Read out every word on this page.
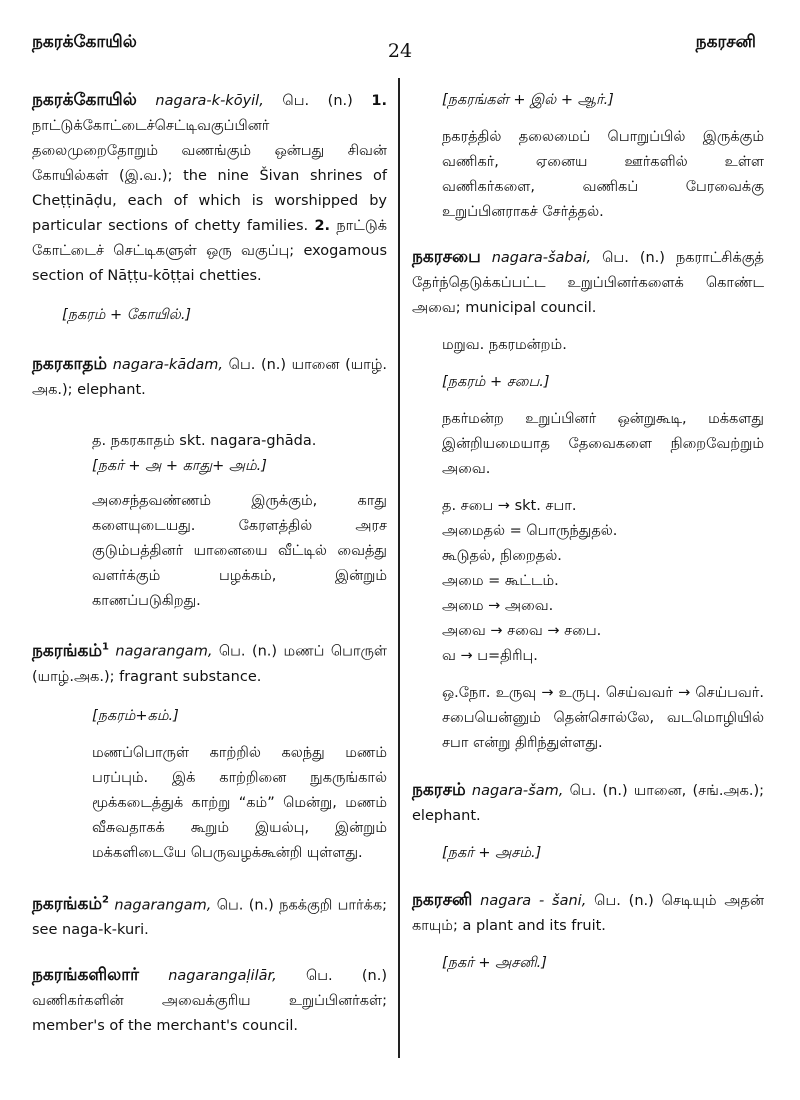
நகரக்கோயில்	24	நகரசனி
நகரக்கோயில் nagara-k-kōyil, பெ. (n.) 1. நாட்டுக்கோட்டைச்செட்டிவகுப்பினர் தலைமுறைதோறும் வணங்கும் ஒன்பது சிவன் கோயில்கள் (இ.வ.); the nine Šivan shrines of Cheṭṭināḍu, each of which is worshipped by particular sections of chetty families. 2. நாட்டுக் கோட்டைச் செட்டிகளுள் ஒரு வகுப்பு; exogamous section of Nāṭṭu-kōṭṭai chetties.
[நகரம் + கோயில்.]
நகரகாதம் nagara-kādam, பெ. (n.) யானை (யாழ். அக.); elephant.
த. நகரகாதம் skt. nagara-ghāda.
[நகர் + அ + காது+ அம்.]
அசைந்தவண்ணம் இருக்கும், காது களையுடையது. கேரளத்தில் அரச குடும்பத்தினர் யானையை வீட்டில் வைத்து வளர்க்கும் பழக்கம், இன்றும் காணப்படுகிறது.
நகரங்கம்$^1$ nagarangam, பெ. (n.) மணப் பொருள் (யாழ்.அக.); fragrant substance.
[நகரம்+கம்.]
மணப்பொருள் காற்றில் கலந்து மணம் பரப்பும். இக் காற்றினை நுகருங்கால் மூக்கடைத்துக் காற்று “கம்” மென்று, மணம் வீசுவதாகக் கூறும் இயல்பு, இன்றும் மக்களிடையே பெருவழக்கூன்றி யுள்ளது.
நகரங்கம்$^2$ nagarangam, பெ. (n.) நகக்குறி பார்க்க; see naga-k-kuri.
நகரங்களிலார் nagarangaḷilār, பெ. (n.) வணிகர்களின் அவைக்குரிய உறுப்பினர்கள்; member's of the merchant's council.
[நகரங்கள் + இல் + ஆர்.]
நகரத்தில் தலைமைப் பொறுப்பில் இருக்கும் வணிகர், ஏனைய ஊர்களில் உள்ள வணிகர்களை, வணிகப் பேரவைக்கு உறுப்பினராகச் சேர்த்தல்.
நகரசபை nagara-šabai, பெ. (n.) நகராட்சிக்குத் தேர்ந்தெடுக்கப்பட்ட உறுப்பினர்களைக் கொண்ட அவை; municipal council.
மறுவ. நகரமன்றம்.
[நகரம் + சபை.]
நகர்மன்ற உறுப்பினர் ஒன்றுகூடி, மக்களது இன்றியமையாத தேவைகளை நிறைவேற்றும் அவை.
த. சபை → skt. சபா.
அமைதல் = பொருந்துதல்.
கூடுதல், நிறைதல்.
அமை = கூட்டம்.
அமை → அவை.
அவை → சவை → சபை.
வ → ப=திரிபு.
ஒ.நோ. உருவு → உருபு. செய்வவர் → செய்பவர். சபையென்னும் தென்சொல்லே, வடமொழியில் சபா என்று திரிந்துள்ளது.
நகரசம் nagara-šam, பெ. (n.) யானை, (சங்.அக.); elephant.
[நகர் + அசம்.]
நகரசனி nagara - šani, பெ. (n.) செடியும் அதன் காயும்; a plant and its fruit.
[நகர் + அசனி.]
